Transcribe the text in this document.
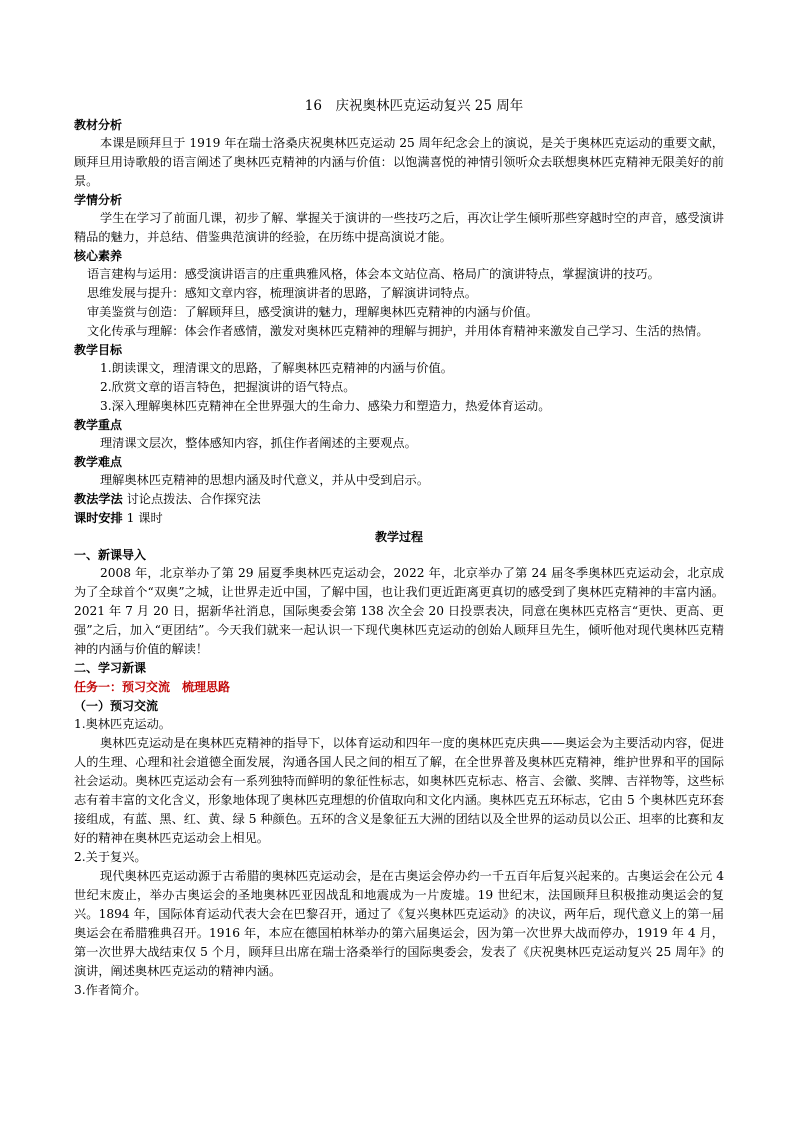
16　庆祝奥林匹克运动复兴 25 周年
教材分析
本课是顾拜旦于 1919 年在瑞士洛桑庆祝奥林匹克运动 25 周年纪念会上的演说，是关于奥林匹克运动的重要文献，顾拜旦用诗歌般的语言阐述了奥林匹克精神的内涵与价值：以饱满喜悦的神情引领听众去联想奥林匹克精神无限美好的前景。
学情分析
学生在学习了前面几课，初步了解、掌握关于演讲的一些技巧之后，再次让学生倾听那些穿越时空的声音，感受演讲精品的魅力，并总结、借鉴典范演讲的经验，在历练中提高演说才能。
核心素养
语言建构与运用：感受演讲语言的庄重典雅风格，体会本文站位高、格局广的演讲特点，掌握演讲的技巧。
思维发展与提升：感知文章内容，梳理演讲者的思路，了解演讲词特点。
审美鉴赏与创造：了解顾拜旦，感受演讲的魅力，理解奥林匹克精神的内涵与价值。
文化传承与理解：体会作者感情，激发对奥林匹克精神的理解与拥护，并用体育精神来激发自己学习、生活的热情。
教学目标
1.朗读课文，理清课文的思路，了解奥林匹克精神的内涵与价值。
2.欣赏文章的语言特色，把握演讲的语气特点。
3.深入理解奥林匹克精神在全世界强大的生命力、感染力和塑造力，热爱体育运动。
教学重点
理清课文层次，整体感知内容，抓住作者阐述的主要观点。
教学难点
理解奥林匹克精神的思想内涵及时代意义，并从中受到启示。
教法学法 讨论点拨法、合作探究法
课时安排 1 课时
教学过程
一、新课导入
2008 年，北京举办了第 29 届夏季奥林匹克运动会，2022 年，北京举办了第 24 届冬季奥林匹克运动会，北京成为了全球首个“双奥”之城，让世界走近中国，了解中国，也让我们更近距离更真切的感受到了奥林匹克精神的丰富内涵。2021 年 7 月 20 日，据新华社消息，国际奥委会第 138 次全会 20 日投票表决，同意在奥林匹克格言“更快、更高、更强”之后，加入“更团结”。今天我们就来一起认识一下现代奥林匹克运动的创始人顾拜旦先生，倾听他对现代奥林匹克精神的内涵与价值的解读！
二、学习新课
任务一：预习交流　梳理思路
（一）预习交流
1.奥林匹克运动。
奥林匹克运动是在奥林匹克精神的指导下，以体育运动和四年一度的奥林匹克庆典——奥运会为主要活动内容，促进人的生理、心理和社会道德全面发展，沟通各国人民之间的相互了解，在全世界普及奥林匹克精神，维护世界和平的国际社会运动。奥林匹克运动会有一系列独特而鲜明的象征性标志，如奥林匹克标志、格言、会徽、奖牌、吉祥物等，这些标志有着丰富的文化含义，形象地体现了奥林匹克理想的价值取向和文化内涵。奥林匹克五环标志，它由 5 个奥林匹克环套接组成，有蓝、黑、红、黄、绿 5 种颜色。五环的含义是象征五大洲的团结以及全世界的运动员以公正、坦率的比赛和友好的精神在奥林匹克运动会上相见。
2.关于复兴。
现代奥林匹克运动源于古希腊的奥林匹克运动会，是在古奥运会停办约一千五百年后复兴起来的。古奥运会在公元 4 世纪末废止，举办古奥运会的圣地奥林匹亚因战乱和地震成为一片废墟。19 世纪末，法国顾拜旦积极推动奥运会的复兴。1894 年，国际体育运动代表大会在巴黎召开，通过了《复兴奥林匹克运动》的决议，两年后，现代意义上的第一届奥运会在希腊雅典召开。1916 年，本应在德国柏林举办的第六届奥运会，因为第一次世界大战而停办，1919 年 4 月，第一次世界大战结束仅 5 个月，顾拜旦出席在瑞士洛桑举行的国际奥委会，发表了《庆祝奥林匹克运动复兴 25 周年》的演讲，阐述奥林匹克运动的精神内涵。
3.作者简介。
